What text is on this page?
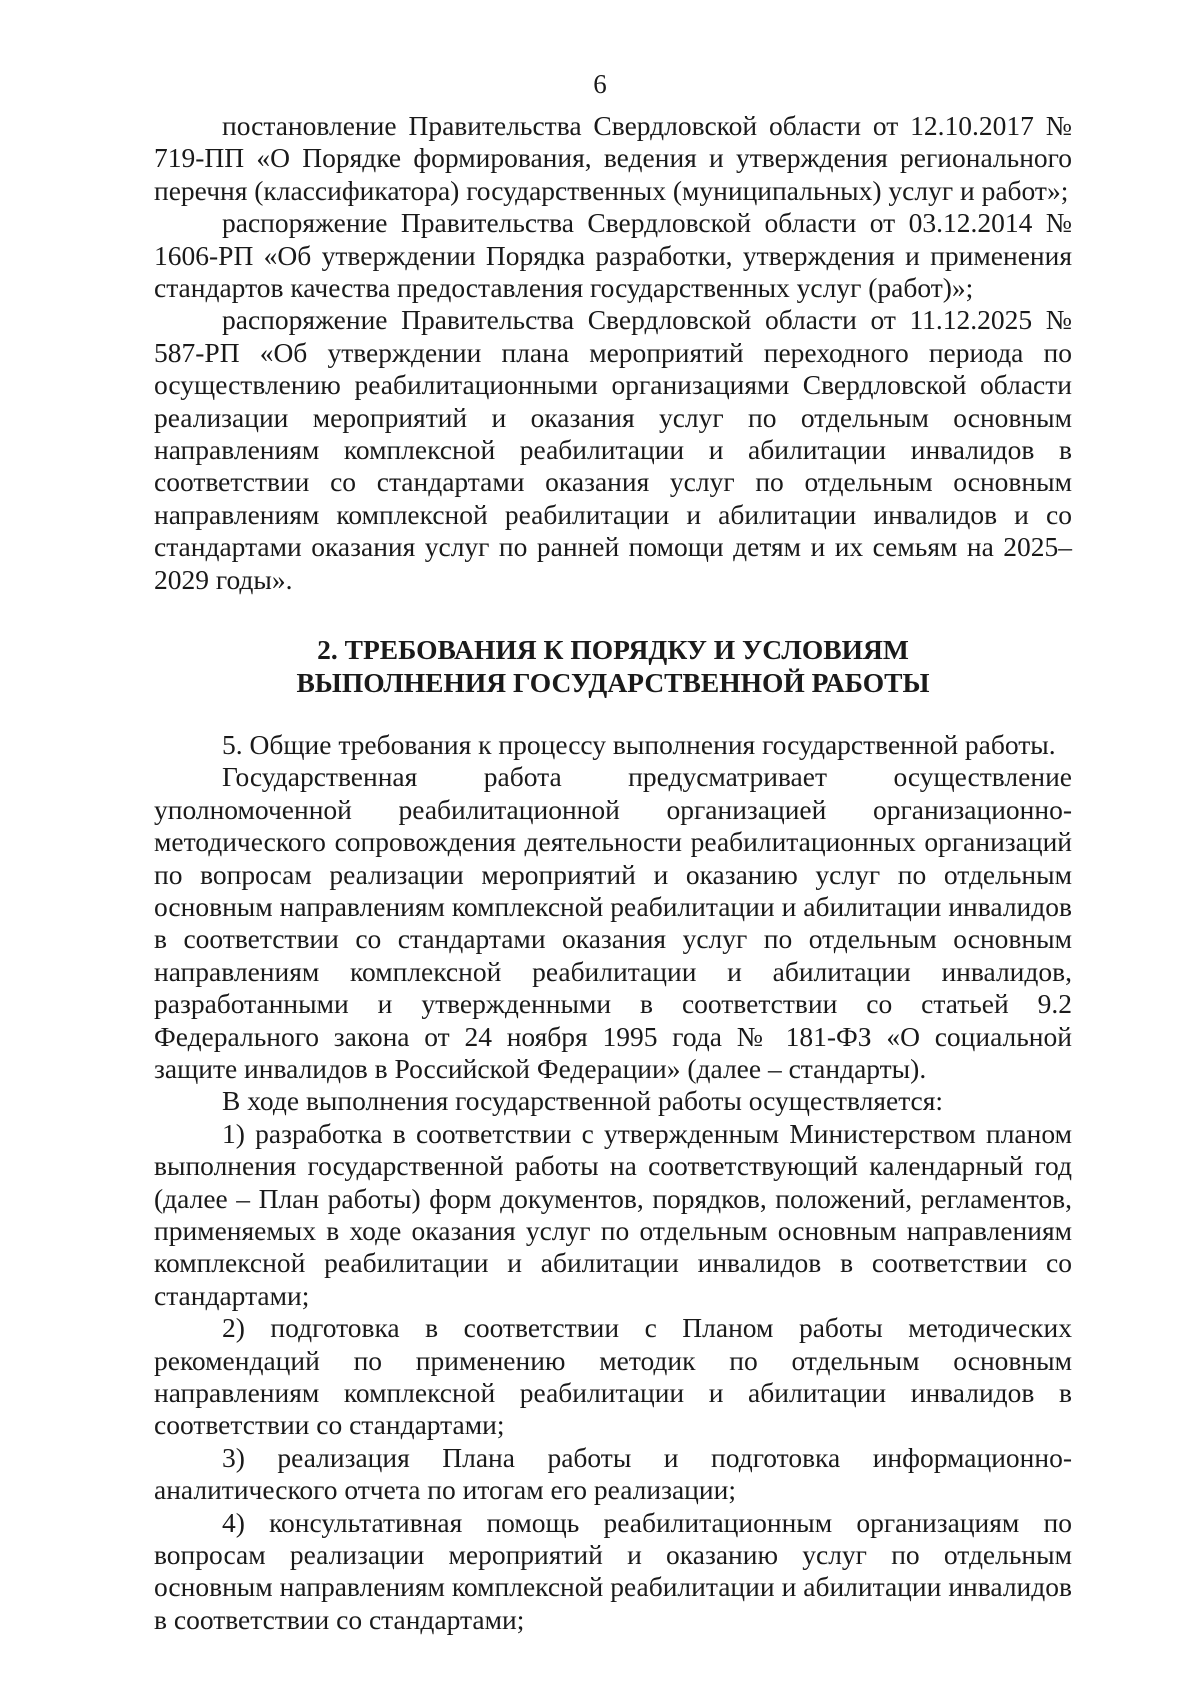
6

постановление Правительства Свердловской области от 12.10.2017 № 719-ПП «О Порядке формирования, ведения и утверждения регионального перечня (классификатора) государственных (муниципальных) услуг и работ»;

распоряжение Правительства Свердловской области от 03.12.2014 № 1606-РП «Об утверждении Порядка разработки, утверждения и применения стандартов качества предоставления государственных услуг (работ)»;

распоряжение Правительства Свердловской области от 11.12.2025 № 587-РП «Об утверждении плана мероприятий переходного периода по осуществлению реабилитационными организациями Свердловской области реализации мероприятий и оказания услуг по отдельным основным направлениям комплексной реабилитации и абилитации инвалидов в соответствии со стандартами оказания услуг по отдельным основным направлениям комплексной реабилитации и абилитации инвалидов и со стандартами оказания услуг по ранней помощи детям и их семьям на 2025–2029 годы».

2. ТРЕБОВАНИЯ К ПОРЯДКУ И УСЛОВИЯМ
ВЫПОЛНЕНИЯ ГОСУДАРСТВЕННОЙ РАБОТЫ

5. Общие требования к процессу выполнения государственной работы.

Государственная работа предусматривает осуществление уполномоченной реабилитационной организацией организационно-методического сопровождения деятельности реабилитационных организаций по вопросам реализации мероприятий и оказанию услуг по отдельным основным направлениям комплексной реабилитации и абилитации инвалидов в соответствии со стандартами оказания услуг по отдельным основным направлениям комплексной реабилитации и абилитации инвалидов, разработанными и утвержденными в соответствии со статьей 9.2 Федерального закона от 24 ноября 1995 года № 181-ФЗ «О социальной защите инвалидов в Российской Федерации» (далее – стандарты).

В ходе выполнения государственной работы осуществляется:

1) разработка в соответствии с утвержденным Министерством планом выполнения государственной работы на соответствующий календарный год (далее – План работы) форм документов, порядков, положений, регламентов, применяемых в ходе оказания услуг по отдельным основным направлениям комплексной реабилитации и абилитации инвалидов в соответствии со стандартами;

2) подготовка в соответствии с Планом работы методических рекомендаций по применению методик по отдельным основным направлениям комплексной реабилитации и абилитации инвалидов в соответствии со стандартами;

3) реализация Плана работы и подготовка информационно-аналитического отчета по итогам его реализации;

4) консультативная помощь реабилитационным организациям по вопросам реализации мероприятий и оказанию услуг по отдельным основным направлениям комплексной реабилитации и абилитации инвалидов в соответствии со стандартами;
